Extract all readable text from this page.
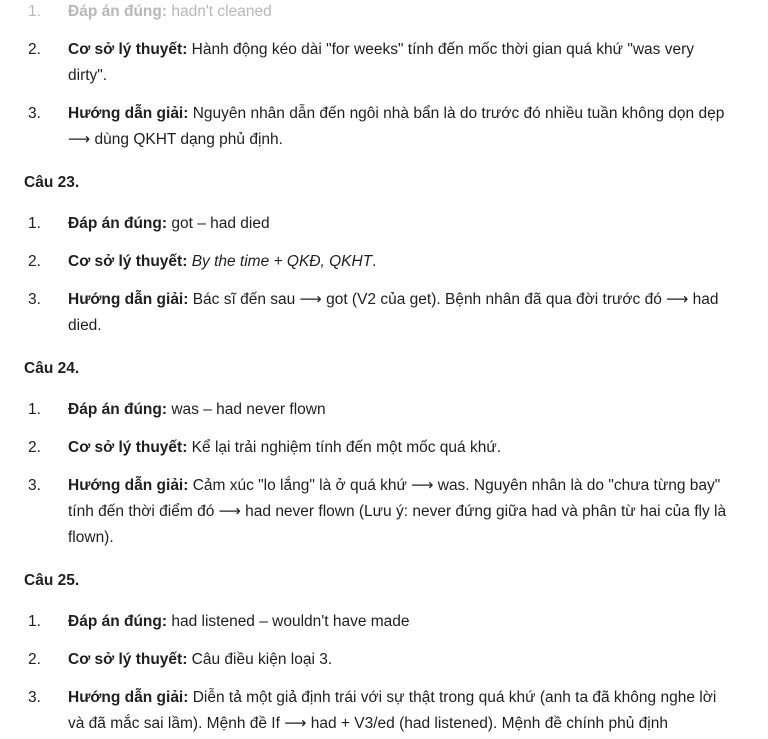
1. Đáp án đúng: hadn't cleaned
2. Cơ sở lý thuyết: Hành động kéo dài "for weeks" tính đến mốc thời gian quá khứ "was very dirty".
3. Hướng dẫn giải: Nguyên nhân dẫn đến ngôi nhà bẩn là do trước đó nhiều tuần không dọn dẹp ⟶ dùng QKHT dạng phủ định.
Câu 23.
1. Đáp án đúng: got – had died
2. Cơ sở lý thuyết: By the time + QKĐ, QKHT.
3. Hướng dẫn giải: Bác sĩ đến sau ⟶ got (V2 của get). Bệnh nhân đã qua đời trước đó ⟶ had died.
Câu 24.
1. Đáp án đúng: was – had never flown
2. Cơ sở lý thuyết: Kể lại trải nghiệm tính đến một mốc quá khứ.
3. Hướng dẫn giải: Cảm xúc "lo lắng" là ở quá khứ ⟶ was. Nguyên nhân là do "chưa từng bay" tính đến thời điểm đó ⟶ had never flown (Lưu ý: never đứng giữa had và phân từ hai của fly là flown).
Câu 25.
1. Đáp án đúng: had listened – wouldn't have made
2. Cơ sở lý thuyết: Câu điều kiện loại 3.
3. Hướng dẫn giải: Diễn tả một giả định trái với sự thật trong quá khứ (anh ta đã không nghe lời và đã mắc sai lầm). Mệnh đề If ⟶ had + V3/ed (had listened). Mệnh đề chính phủ định
